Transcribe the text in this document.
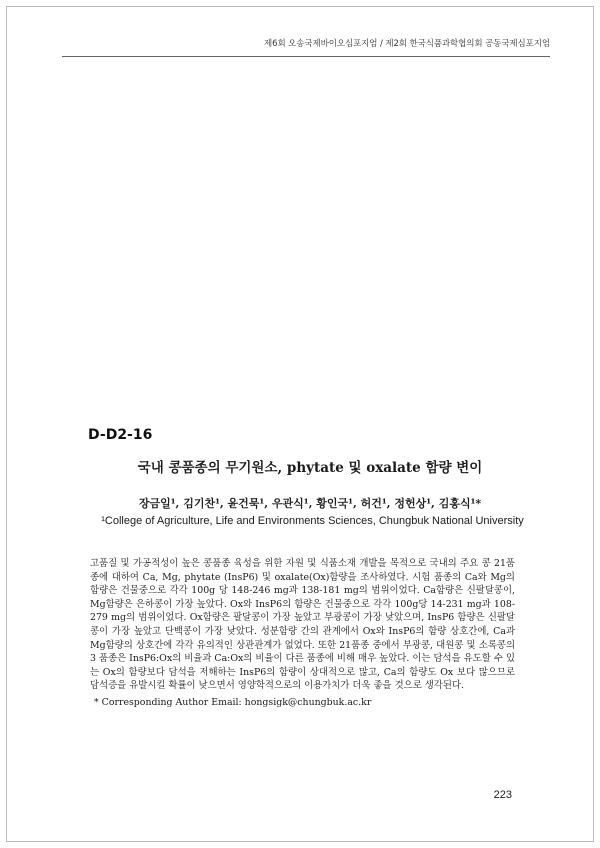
제6회 오송국제바이오심포지엄 / 제2회 한국식품과학협의회 공동국제심포지엄
D-D2-16
국내 콩품종의 무기원소, phytate 및 oxalate 함량 변이
장금일¹, 김기찬¹, 윤건묵¹, 우관식¹, 황인국¹, 허건¹, 정헌상¹, 김홍식¹*
¹College of Agriculture, Life and Environments Sciences, Chungbuk National University

고품질 및 가공적성이 높은 콩품종 육성을 위한 자원 및 식품소재 개발을 목적으로 국내의 주요 콩 21품종에 대하여 Ca, Mg, phytate (InsP6) 및 oxalate(Ox)함량을 조사하였다. 시험 품종의 Ca와 Mg의 함량은 건물중으로 각각 100g 당 148-246 mg과 138-181 mg의 범위이었다. Ca함량은 신팔달콩이, Mg함량은 은하콩이 가장 높았다. Ox와 InsP6의 함량은 건물중으로 각각 100g당 14-231 mg과 108-279 mg의 범위이었다. Ox함량은 팔달콩이 가장 높았고 부광콩이 가장 낮았으며, InsP6 함량은 신팔달콩이 가장 높았고 단백콩이 가장 낮았다. 성분함량 간의 관계에서 Ox와 InsP6의 함량 상호간에, Ca과 Mg함량의 상호간에 각각 유의적인 상관관계가 없었다. 또한 21품종 중에서 부광콩, 대원콩 및 소록콩의 3 품종은 InsP6:Ox의 비율과 Ca:Ox의 비율이 다른 품종에 비해 매우 높았다. 이는 담석을 유도할 수 있는 Ox의 함량보다 담석을 저해하는 InsP6의 함량이 상대적으로 많고, Ca의 함량도 Ox 보다 많으므로 담석증을 유발시킬 확률이 낮으면서 영양학적으로의 이용가치가 더욱 좋을 것으로 생각된다.

* Corresponding Author Email: hongsigk@chungbuk.ac.kr
223
